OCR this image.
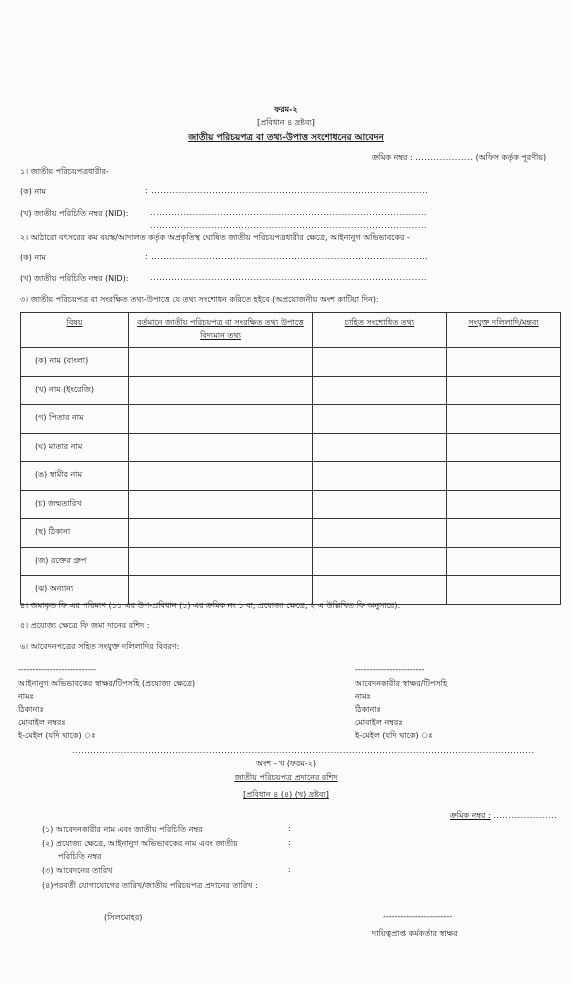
ফরম-২
[প্রবিধান ৪ দ্রষ্টব্য]
জাতীয় পরিচয়পত্র বা তথ্য-উপাত্ত সংশোধনের আবেদন
ক্রমিক নম্বর : ................... (অফিস কর্তৃক পূরণীয়)
১। জাতীয় পরিচয়পত্রধারীর-
(ক) নাম	: ...........................................................................................
(খ) জাতীয় পরিচিতি নম্বর (NID):	...........................................................................................
...........................................................................................
২। আঠারো বৎসরের কম বয়স্ক/আদালত কর্তৃক অপ্রকৃতিস্থ ঘোষিত জাতীয় পরিচয়পত্রধারীর ক্ষেত্রে, আইনানুগ অভিভাবকের -
(ক) নাম	: ...........................................................................................
(খ) জাতীয় পরিচিতি নম্বর (NID):	...........................................................................................
৩। জাতীয় পরিচয়পত্র বা সংরক্ষিত তথ্য-উপাত্তে যে তথ্য সংশোধন করিতে হইবে (অপ্রয়োজনীয় অংশ কাটিয়া দিন):
বিষয়	বর্তমানে জাতীয় পরিচয়পত্র বা সংরক্ষিত তথ্য উপাত্তে বিদ্যমান তথ্য	চাহিত সংশোধিত তথ্য	সংযুক্ত দলিলাদি/মন্তব্য
(ক) নাম (বাংলা)			
(খ) নাম (ইংরেজি)			
(গ) পিতার নাম			
(ঘ) মাতার নাম			
(ঙ) স্বামীর নাম			
(চ) জন্মতারিখ			
(ছ) ঠিকানা			
(জ) রক্তের গ্রুপ			
(ঝ) অন্যান্য			
৪। জমাকৃত ফি এর পরিমাণ (১১ এর উপ-প্রবিধান (১) এর ক্রমিক নং ১ বা, প্রযোজ্য ক্ষেত্রে, ২ এ উল্লিখিত ফি অনুসারে):
৫। প্রযোজ্য ক্ষেত্রে ফি জমা দানের রশিদ :
৬। আবেদনপত্রের সহিত সংযুক্ত দলিলাদির বিবরণ:
---------------------------
আইনানুগ অভিভাবকের স্বাক্ষর/টিপসহি (প্রযোজ্য ক্ষেত্রে)
নামঃ
ঠিকানাঃ
মোবাইল নম্বরঃ
ই-মেইল (যদি থাকে) ঃ
------------------------
আবেদনকারীর স্বাক্ষর/টিপসহি
নামঃ
ঠিকানাঃ
মোবাইল নম্বরঃ
ই-মেইল (যদি থাকে) ঃ
........................................................................................................................................................
অংশ - খ (ফরম-২)
জাতীয় পরিচয়পত্র প্রদানের রশিদ
[প্রবিধান ৪ (৪) (খ) দ্রষ্টব্য]
ক্রমিক নম্বর : .....................
(১) আবেদনকারীর নাম এবং জাতীয় পরিচিতি নম্বর	:
(২) প্রযোজ্য ক্ষেত্রে, আইনানুগ অভিভাবকের নাম এবং জাতীয়	:
পরিচিতি নম্বর
(৩) আবেদনের তারিখ	:
(৪)পরবর্তী যোগাযোগের তারিখ/জাতীয় পরিচয়পত্র প্রদানের তারিখ :
(সিলমোহর)	------------------------
দায়িত্বপ্রাপ্ত কর্মকর্তার স্বাক্ষর
